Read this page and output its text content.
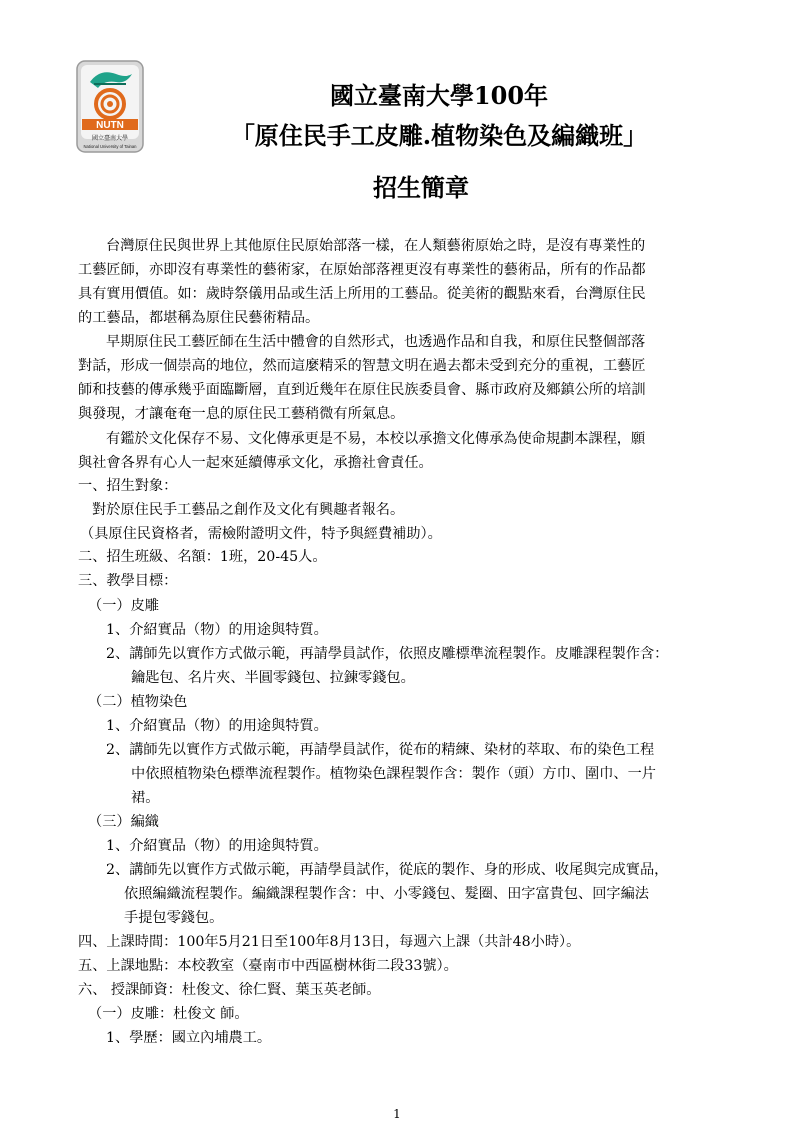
NUTN
國立臺南大學
National University of Tainan
國立臺南大學100年
「原住民手工皮雕.植物染色及編織班」
招生簡章
台灣原住民與世界上其他原住民原始部落一樣，在人類藝術原始之時，是沒有專業性的
工藝匠師，亦即沒有專業性的藝術家，在原始部落裡更沒有專業性的藝術品，所有的作品都
具有實用價值。如：歲時祭儀用品或生活上所用的工藝品。從美術的觀點來看，台灣原住民
的工藝品，都堪稱為原住民藝術精品。
早期原住民工藝匠師在生活中體會的自然形式，也透過作品和自我，和原住民整個部落
對話，形成一個崇高的地位，然而這麼精采的智慧文明在過去都未受到充分的重視，工藝匠
師和技藝的傳承幾乎面臨斷層，直到近幾年在原住民族委員會、縣市政府及鄉鎮公所的培訓
與發現，才讓奄奄一息的原住民工藝稍微有所氣息。
有鑑於文化保存不易、文化傳承更是不易，本校以承擔文化傳承為使命規劃本課程，願
與社會各界有心人一起來延續傳承文化，承擔社會責任。
一、招生對象：
對於原住民手工藝品之創作及文化有興趣者報名。
（具原住民資格者，需檢附證明文件，特予與經費補助）。
二、招生班級、名額：1班，20-45人。
三、教學目標：
（一）皮雕
1、介紹實品（物）的用途與特質。
2、講師先以實作方式做示範，再請學員試作，依照皮雕標準流程製作。皮雕課程製作含：
鑰匙包、名片夾、半圓零錢包、拉鍊零錢包。
（二）植物染色
1、介紹實品（物）的用途與特質。
2、講師先以實作方式做示範，再請學員試作，從布的精練、染材的萃取、布的染色工程
中依照植物染色標準流程製作。植物染色課程製作含：製作（頭）方巾、圍巾、一片
裙。
（三）編織
1、介紹實品（物）的用途與特質。
2、講師先以實作方式做示範，再請學員試作，從底的製作、身的形成、收尾與完成實品，
依照編織流程製作。編織課程製作含：中、小零錢包、髮圈、田字富貴包、回字編法
手提包零錢包。
四、上課時間：100年5月21日至100年8月13日，每週六上課（共計48小時）。
五、上課地點：本校教室（臺南市中西區樹林街二段33號）。
六、 授課師資：杜俊文、徐仁賢、葉玉英老師。
（一）皮雕：杜俊文 師。
1、學歷：國立內埔農工。
1
